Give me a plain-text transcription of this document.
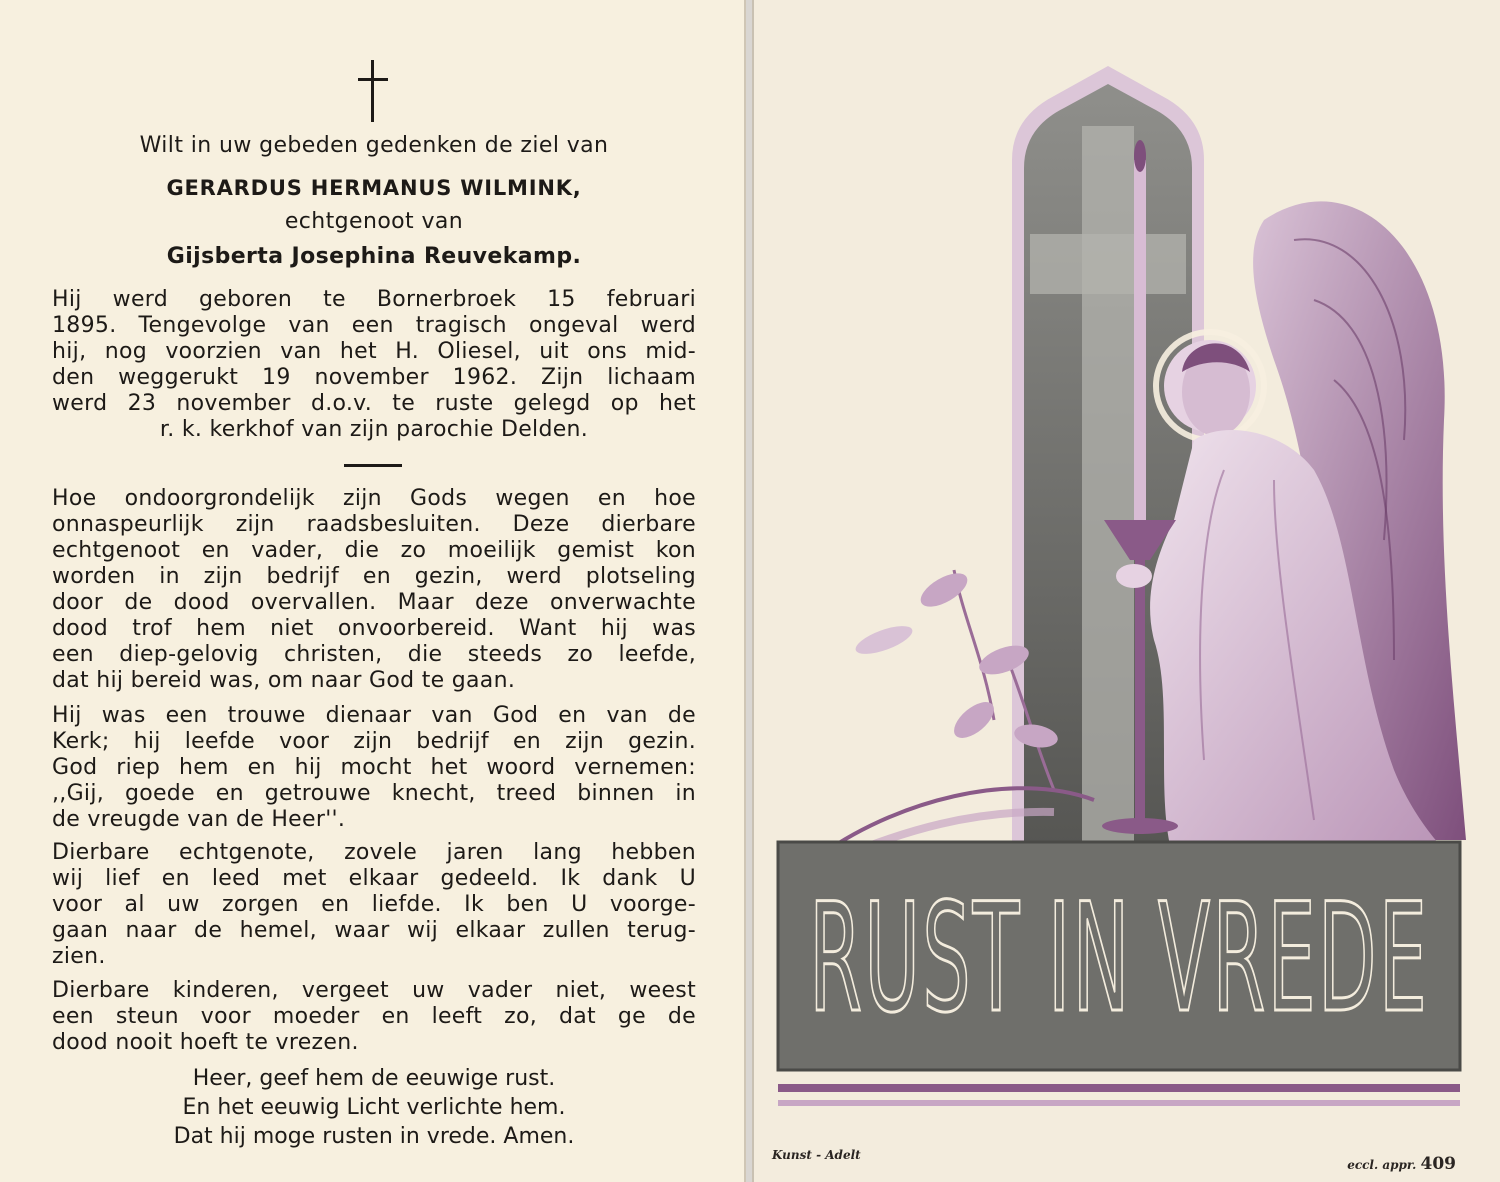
Wilt in uw gebeden gedenken de ziel van
GERARDUS HERMANUS WILMINK,
echtgenoot van
Gijsberta Josephina Reuvekamp.
Hij werd geboren te Bornerbroek 15 februari
1895. Tengevolge van een tragisch ongeval werd
hij, nog voorzien van het H. Oliesel, uit ons mid-
den weggerukt 19 november 1962. Zijn lichaam
werd 23 november d.o.v. te ruste gelegd op het
r. k. kerkhof van zijn parochie Delden.
Hoe ondoorgrondelijk zijn Gods wegen en hoe
onnaspeurlijk zijn raadsbesluiten. Deze dierbare
echtgenoot en vader, die zo moeilijk gemist kon
worden in zijn bedrijf en gezin, werd plotseling
door de dood overvallen. Maar deze onverwachte
dood trof hem niet onvoorbereid. Want hij was
een diep-gelovig christen, die steeds zo leefde,
dat hij bereid was, om naar God te gaan.
Hij was een trouwe dienaar van God en van de
Kerk; hij leefde voor zijn bedrijf en zijn gezin.
God riep hem en hij mocht het woord vernemen:
,,Gij, goede en getrouwe knecht, treed binnen in
de vreugde van de Heer''.
Dierbare echtgenote, zovele jaren lang hebben
wij lief en leed met elkaar gedeeld. Ik dank U
voor al uw zorgen en liefde. Ik ben U voorge-
gaan naar de hemel, waar wij elkaar zullen terug-
zien.
Dierbare kinderen, vergeet uw vader niet, weest
een steun voor moeder en leeft zo, dat ge de
dood nooit hoeft te vrezen.
Heer, geef hem de eeuwige rust.
En het eeuwig Licht verlichte hem.
Dat hij moge rusten in vrede. Amen.
RUST IN VREDE
Kunst - Adelt
eccl. appr. 409
